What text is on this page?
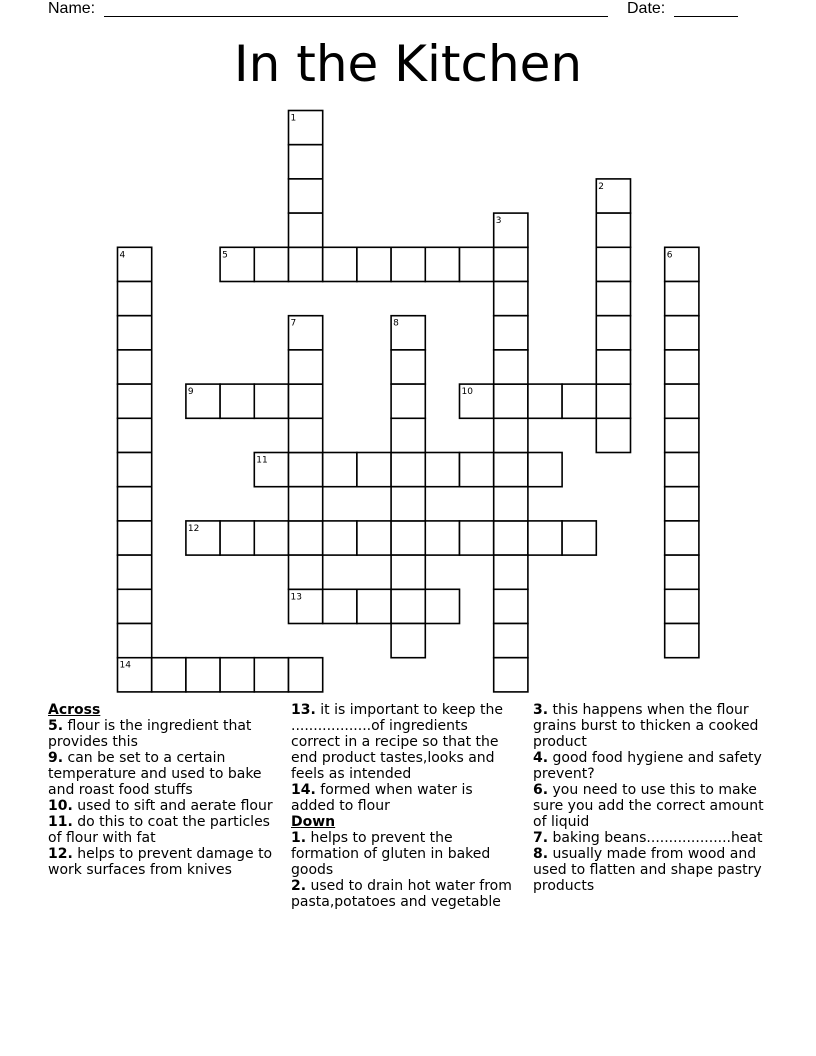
Name:	Date:
In the Kitchen
1
2
3
4	5	6
7	8
9	10
11
12
13
14

Across

5. flour is the ingredient that provides this

9. can be set to a certain temperature and used to bake and roast food stuffs

10. used to sift and aerate flour

11. do this to coat the particles of flour with fat

12. helps to prevent damage to work surfaces from knives

13. it is important to keep the ..................of ingredients correct in a recipe so that the end product tastes,looks and feels as intended

14. formed when water is added to flour

Down

1. helps to prevent the formation of gluten in baked goods

2. used to drain hot water from pasta,potatoes and vegetable

3. this happens when the flour grains burst to thicken a cooked product

4. good food hygiene and safety prevent?

6. you need to use this to make sure you add the correct amount of liquid

7. baking beans...................heat

8. usually made from wood and used to flatten and shape pastry products
